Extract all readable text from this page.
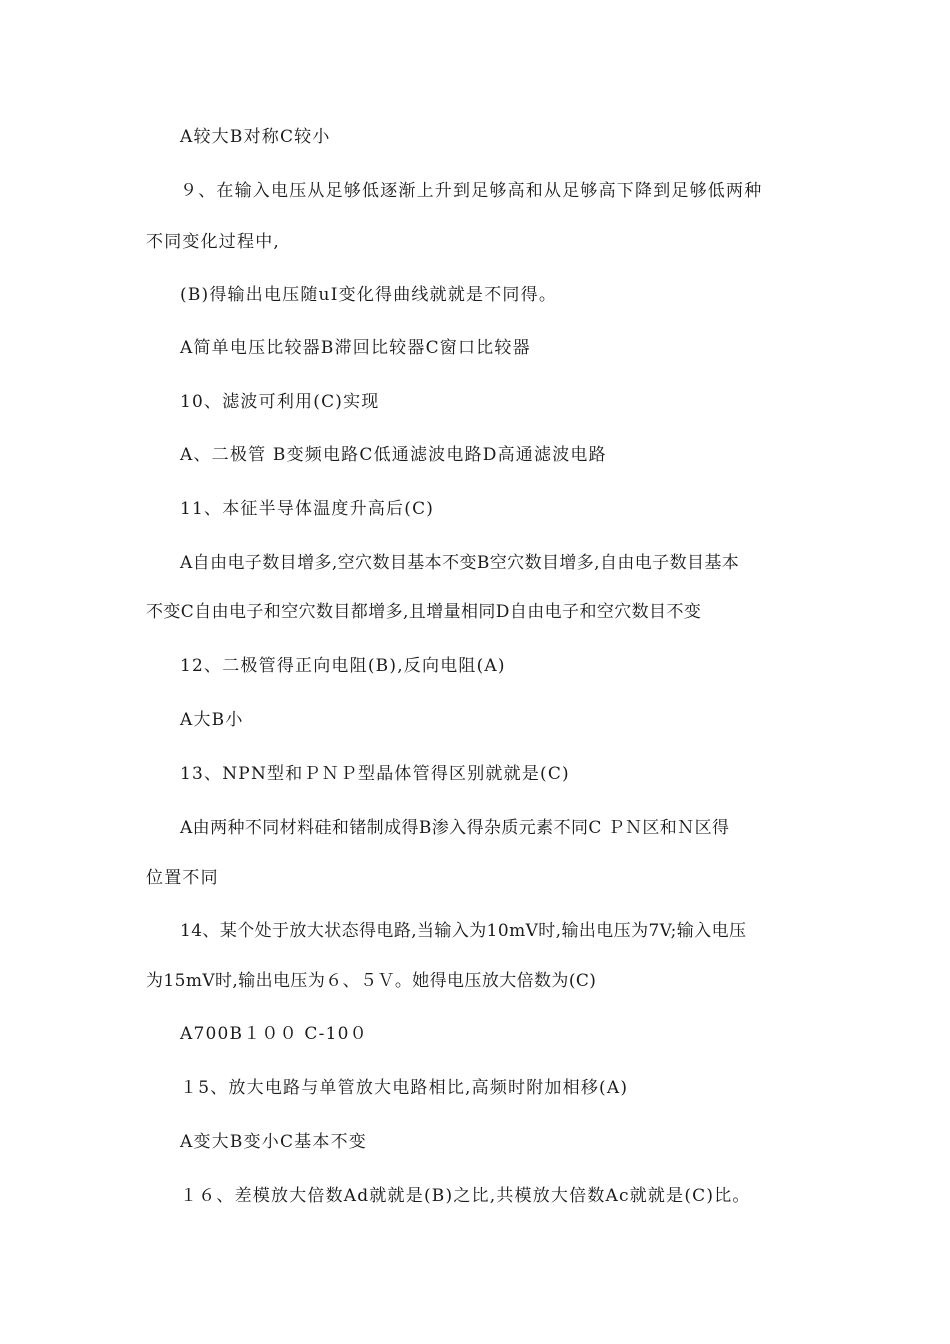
A较大B对称C较小
９、在输入电压从足够低逐渐上升到足够高和从足够高下降到足够低两种
不同变化过程中,
(B)得输出电压随uⅠ变化得曲线就就是不同得。
A简单电压比较器B滞回比较器C窗口比较器
10、滤波可利用(C)实现
A、二极管 B变频电路C低通滤波电路D高通滤波电路
11、本征半导体温度升高后(C)
A自由电子数目增多,空穴数目基本不变B空穴数目增多,自由电子数目基本
不变C自由电子和空穴数目都增多,且增量相同D自由电子和空穴数目不变
12、二极管得正向电阻(B),反向电阻(A)
A大B小
13、NPN型和ＰＮＰ型晶体管得区别就就是(C)
A由两种不同材料硅和锗制成得B渗入得杂质元素不同C ＰＮ区和Ｎ区得
位置不同
14、某个处于放大状态得电路,当输入为10mV时,输出电压为7V;输入电压
为15mV时,输出电压为６、５Ｖ。她得电压放大倍数为(C)
A700B１００ C-10０
１5、放大电路与单管放大电路相比,高频时附加相移(A)
A变大B变小C基本不变
１６、差模放大倍数Ad就就是(B)之比,共模放大倍数Ac就就是(C)比。
